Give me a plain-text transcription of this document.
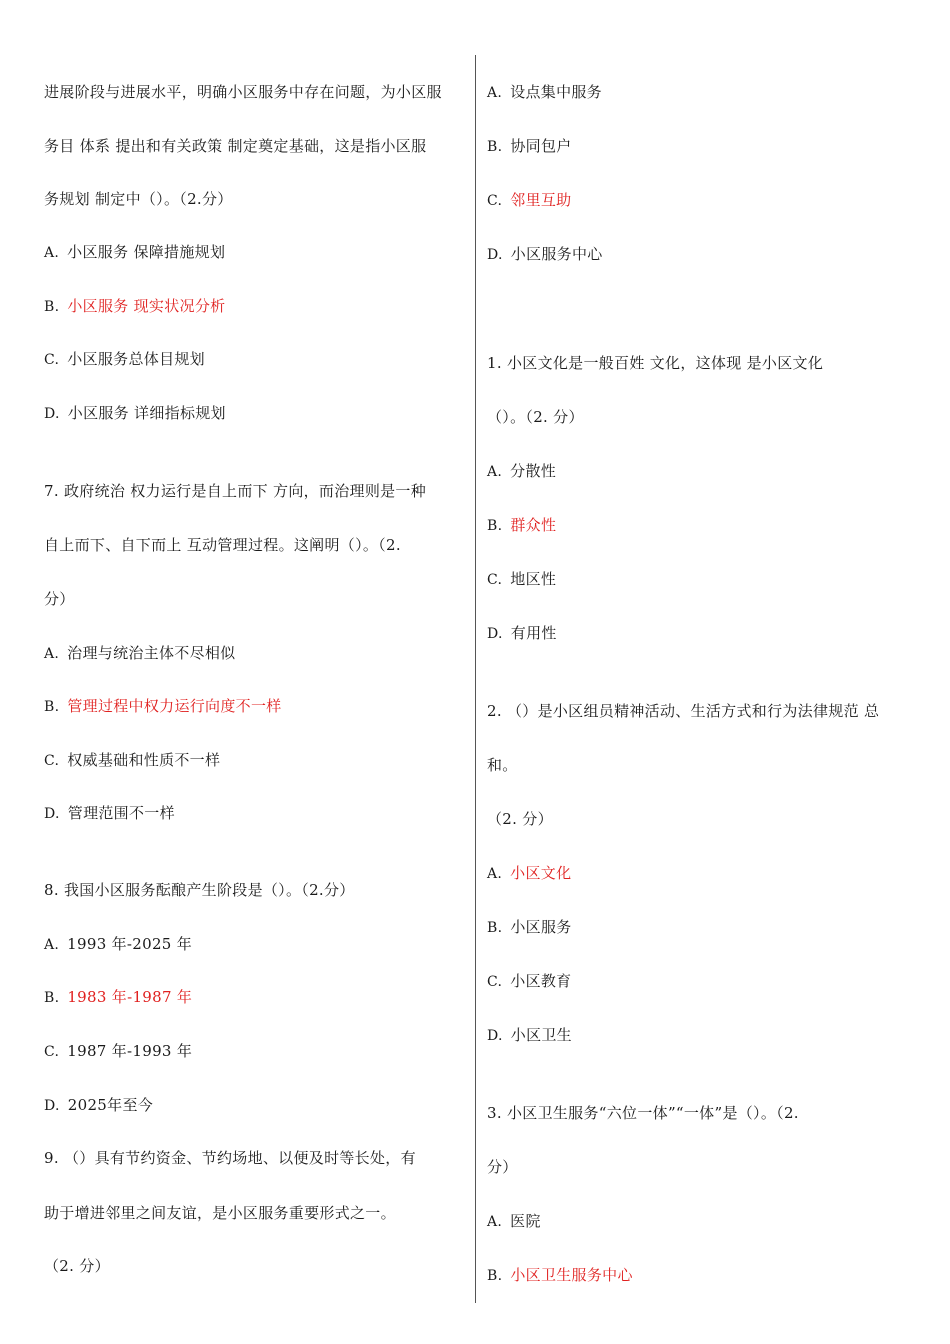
进展阶段与进展水平，明确小区服务中存在问题，为小区服
务目 体系 提出和有关政策 制定奠定基础，这是指小区服
务规划 制定中（）。（2.分）
A. 小区服务 保障措施规划
B. 小区服务 现实状况分析
C. 小区服务总体目规划
D. 小区服务 详细指标规划
7. 政府统治 权力运行是自上而下 方向，而治理则是一种
自上而下、自下而上 互动管理过程。这阐明（）。（2.
分）
A. 治理与统治主体不尽相似
B. 管理过程中权力运行向度不一样
C. 权威基础和性质不一样
D. 管理范围不一样
8. 我国小区服务酝酿产生阶段是（）。（2.分）
A. 1993 年-2025 年
B. 1983 年-1987 年
C. 1987 年-1993 年
D. 2025年至今
9. （）具有节约资金、节约场地、以便及时等长处，有
助于增进邻里之间友谊，是小区服务重要形式之一。
（2. 分）
A. 设点集中服务
B. 协同包户
C. 邻里互助
D. 小区服务中心
1. 小区文化是一般百姓 文化，这体现 是小区文化
（）。（2. 分）
A. 分散性
B. 群众性
C. 地区性
D. 有用性
2. （）是小区组员精神活动、生活方式和行为法律规范 总
和。
（2. 分）
A. 小区文化
B. 小区服务
C. 小区教育
D. 小区卫生
3. 小区卫生服务“六位一体”“一体”是（）。（2.
分）
A. 医院
B. 小区卫生服务中心
